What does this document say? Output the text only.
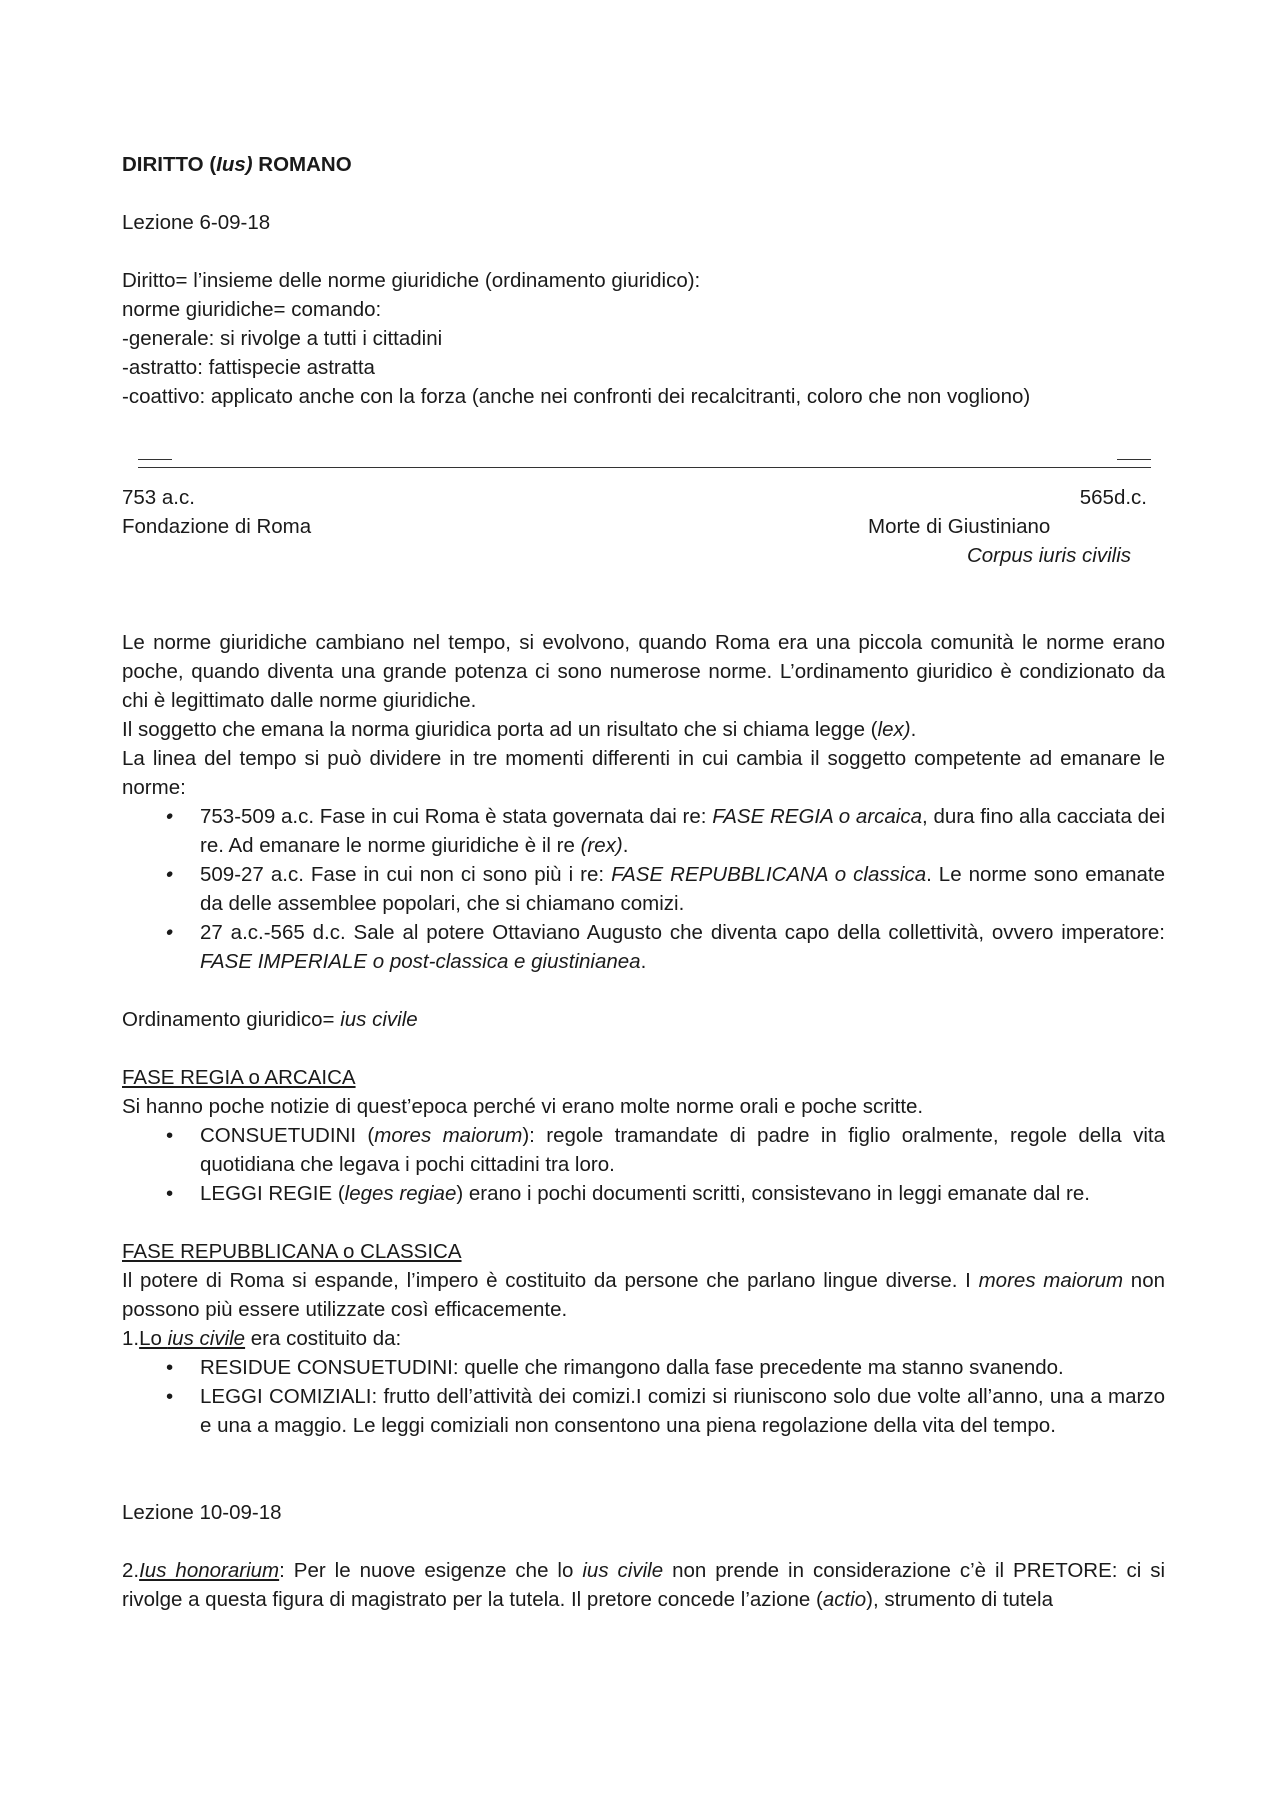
DIRITTO (Ius) ROMANO

Lezione 6-09-18

Diritto= l’insieme delle norme giuridiche (ordinamento giuridico):

norme giuridiche= comando:

-generale: si rivolge a tutti i cittadini

-astratto: fattispecie astratta

-coattivo: applicato anche con la forza (anche nei confronti dei recalcitranti, coloro che non vogliono)

753 a.c.	565d.c.
Fondazione di Roma	Morte di Giustiniano
Corpus iuris civilis

Le norme giuridiche cambiano nel tempo, si evolvono, quando Roma era una piccola comunità le norme erano poche, quando diventa una grande potenza ci sono numerose norme. L’ordinamento giuridico è condizionato da chi è legittimato dalle norme giuridiche.

Il soggetto che emana la norma giuridica porta ad un risultato che si chiama legge (lex).

La linea del tempo si può dividere in tre momenti differenti in cui cambia il soggetto competente ad emanare le norme:

• 753-509 a.c. Fase in cui Roma è stata governata dai re: FASE REGIA o arcaica, dura fino alla cacciata dei re. Ad emanare le norme giuridiche è il re (rex).
• 509-27 a.c. Fase in cui non ci sono più i re: FASE REPUBBLICANA o classica. Le norme sono emanate da delle assemblee popolari, che si chiamano comizi.
• 27 a.c.-565 d.c. Sale al potere Ottaviano Augusto che diventa capo della collettività, ovvero imperatore: FASE IMPERIALE o post-classica e giustinianea.

Ordinamento giuridico= ius civile

FASE REGIA o ARCAICA

Si hanno poche notizie di quest’epoca perché vi erano molte norme orali e poche scritte.

• CONSUETUDINI (mores maiorum): regole tramandate di padre in figlio oralmente, regole della vita quotidiana che legava i pochi cittadini tra loro.
• LEGGI REGIE (leges regiae) erano i pochi documenti scritti, consistevano in leggi emanate dal re.

FASE REPUBBLICANA o CLASSICA

Il potere di Roma si espande, l’impero è costituito da persone che parlano lingue diverse. I mores maiorum non possono più essere utilizzate così efficacemente.

1.Lo ius civile era costituito da:

• RESIDUE CONSUETUDINI: quelle che rimangono dalla fase precedente ma stanno svanendo.
• LEGGI COMIZIALI: frutto dell’attività dei comizi.I comizi si riuniscono solo due volte all’anno, una a marzo e una a maggio. Le leggi comiziali non consentono una piena regolazione della vita del tempo.

Lezione 10-09-18

2.Ius honorarium: Per le nuove esigenze che lo ius civile non prende in considerazione c’è il PRETORE: ci si rivolge a questa figura di magistrato per la tutela. Il pretore concede l’azione (actio), strumento di tutela
